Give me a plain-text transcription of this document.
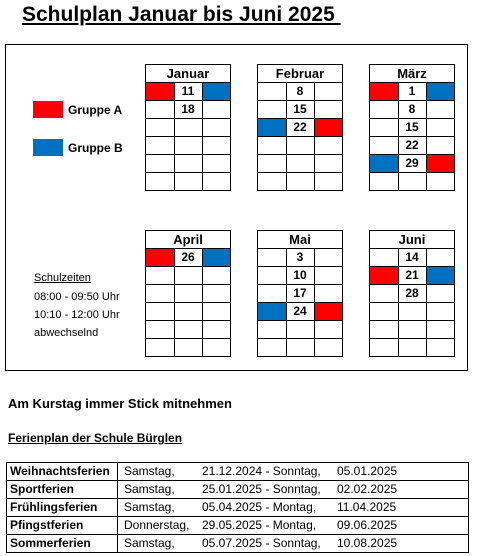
Schulplan Januar bis Juni 2025
Gruppe A
Gruppe B
Januar
	11	
	18	

Februar
	8	
	15	
	22	

März
	1	
	8	
	15	
	22	
	29	

April
	26	

Mai
	3	
	10	
	17	
	24	

Juni
	14	
	21	
	28	

Schulzeiten
08:00 - 09:50 Uhr
10:10 - 12:00 Uhr
abwechselnd
Am Kurstag immer Stick mitnehmen
Ferienplan der Schule Bürglen
Weihnachtsferien	Samstag, 21.12.2024 - Sonntag, 05.01.2025
Sportferien	Samstag, 25.01.2025 - Sonntag, 02.02.2025
Frühlingsferien	Samstag, 05.04.2025 - Montag, 11.04.2025
Pfingstferien	Donnerstag, 29.05.2025 - Montag, 09.06.2025
Sommerferien	Samstag, 05.07.2025 - Sonntag, 10.08.2025
